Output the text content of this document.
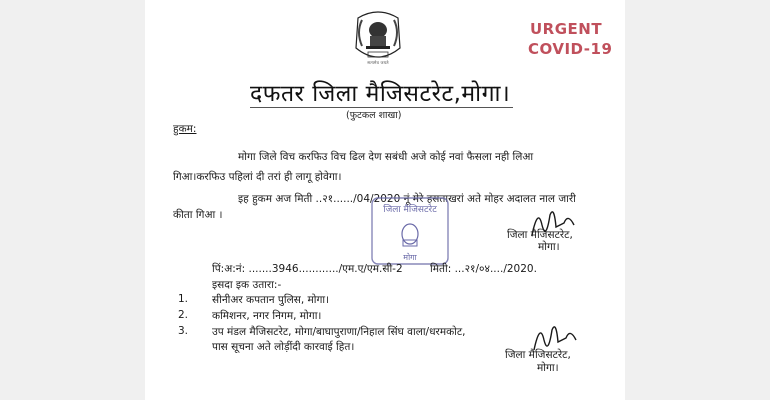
सत्यमेव जयते
URGENT
COVID-19
दफतर जिला मैजिसटरेट,मोगा।
(फुटकल शाखा)
हुकम:
मोगा जिले विच करफिउ विच ढिल देण सबंधी अजे कोई नवां फैसला नही लिआ
गिआ।करफिउ पहिलां दी तरां ही लागू होवेगा।
इह हुकम अज मिती ..२१....../04/2020 नूं मेरे हसताखरां अते मोहर अदालत नाल जारी
कीता गिआ ।	जिला मैजिसटरेट
मोगा
जिला मैजिसटरेट,
मोगा।
पिं:अ:नं: .......3946............/एम.ए/एम.सी-2	मिती: ...२१/०४..../2020.
इसदा इक उतारा:-
1. सीनीअर कपतान पुलिस, मोगा।
2. कमिशनर, नगर निगम, मोगा।
3. उप मंडल मैजिसटरेट, मोगा/बाघापुराणा/निहाल सिंघ वाला/धरमकोट,
पास सूचना अते लोड़ींदी कारवाई हित।
जिला मैजिसटरेट,
मोगा।
